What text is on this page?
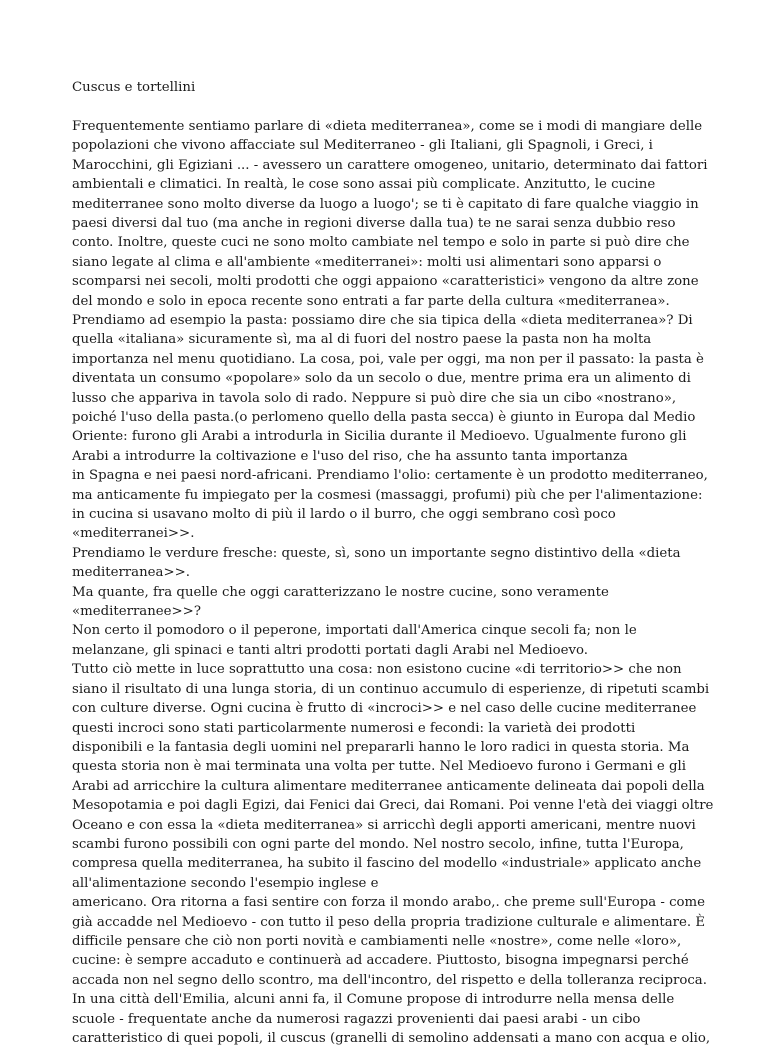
Cuscus e tortellini
Frequentemente sentiamo parlare di «dieta mediterranea», come se i modi di mangiare delle
popolazioni che vivono affacciate sul Mediterraneo - gli Italiani, gli Spagnoli, i Greci, i
Marocchini, gli Egiziani ... - avessero un carattere omogeneo, unitario, determinato dai fattori
ambientali e climatici. In realtà, le cose sono assai più complicate. Anzitutto, le cucine
mediterranee sono molto diverse da luogo a luogo'; se ti è capitato di fare qualche viaggio in
paesi diversi dal tuo (ma anche in regioni diverse dalla tua) te ne sarai senza dubbio reso
conto. Inoltre, queste cuci ne sono molto cambiate nel tempo e solo in parte si può dire che
siano legate al clima e all'ambiente «mediterranei»: molti usi alimentari sono apparsi o
scomparsi nei secoli, molti prodotti che oggi appaiono «caratteristici» vengono da altre zone
del mondo e solo in epoca recente sono entrati a far parte della cultura «mediterranea».
Prendiamo ad esempio la pasta: possiamo dire che sia tipica della «dieta mediterranea»? Di
quella «italiana» sicuramente sì, ma al di fuori del nostro paese la pasta non ha molta
importanza nel menu quotidiano. La cosa, poi, vale per oggi, ma non per il passato: la pasta è
diventata un consumo «popolare» solo da un secolo o due, mentre prima era un alimento di
lusso che appariva in tavola solo di rado. Neppure si può dire che sia un cibo «nostrano»,
poiché l'uso della pasta.(o perlomeno quello della pasta secca) è giunto in Europa dal Medio
Oriente: furono gli Arabi a introdurla in Sicilia durante il Medioevo. Ugualmente furono gli
Arabi a introdurre la coltivazione e l'uso del riso, che ha assunto tanta importanza
in Spagna e nei paesi nord-africani. Prendiamo l'olio: certamente è un prodotto mediterraneo,
ma anticamente fu impiegato per la cosmesi (massaggi, profumi) più che per l'alimentazione:
in cucina si usavano molto di più il lardo o il burro, che oggi sembrano così poco
«mediterranei>>.
Prendiamo le verdure fresche: queste, sì, sono un importante segno distintivo della «dieta
mediterranea>>.
Ma quante, fra quelle che oggi caratterizzano le nostre cucine, sono veramente
«mediterranee>>?
Non certo il pomodoro o il peperone, importati dall'America cinque secoli fa; non le
melanzane, gli spinaci e tanti altri prodotti portati dagli Arabi nel Medioevo.
Tutto ciò mette in luce soprattutto una cosa: non esistono cucine «di territorio>> che non
siano il risultato di una lunga storia, di un continuo accumulo di esperienze, di ripetuti scambi
con culture diverse. Ogni cucina è frutto di «incroci>> e nel caso delle cucine mediterranee
questi incroci sono stati particolarmente numerosi e fecondi: la varietà dei prodotti
disponibili e la fantasia degli uomini nel prepararli hanno le loro radici in questa storia. Ma
questa storia non è mai terminata una volta per tutte. Nel Medioevo furono i Germani e gli
Arabi ad arricchire la cultura alimentare mediterranee anticamente delineata dai popoli della
Mesopotamia e poi dagli Egizi, dai Fenici dai Greci, dai Romani. Poi venne l'età dei viaggi oltre
Oceano e con essa la «dieta mediterranea» si arricchì degli apporti americani, mentre nuovi
scambi furono possibili con ogni parte del mondo. Nel nostro secolo, infine, tutta l'Europa,
compresa quella mediterranea, ha subito il fascino del modello «industriale» applicato anche
all'alimentazione secondo l'esempio inglese e
americano. Ora ritorna a fasi sentire con forza il mondo arabo,. che preme sull'Europa - come
già accadde nel Medioevo - con tutto il peso della propria tradizione culturale e alimentare. È
difficile pensare che ciò non porti novità e cambiamenti nelle «nostre», come nelle «loro»,
cucine: è sempre accaduto e continuerà ad accadere. Piuttosto, bisogna impegnarsi perché
accada non nel segno dello scontro, ma dell'incontro, del rispetto e della tolleranza reciproca.
In una città dell'Emilia, alcuni anni fa, il Comune propose di introdurre nella mensa delle
scuole - frequentate anche da numerosi ragazzi provenienti dai paesi arabi - un cibo
caratteristico di quei popoli, il cuscus (granelli di semolino addensati a mano con acqua e olio,
